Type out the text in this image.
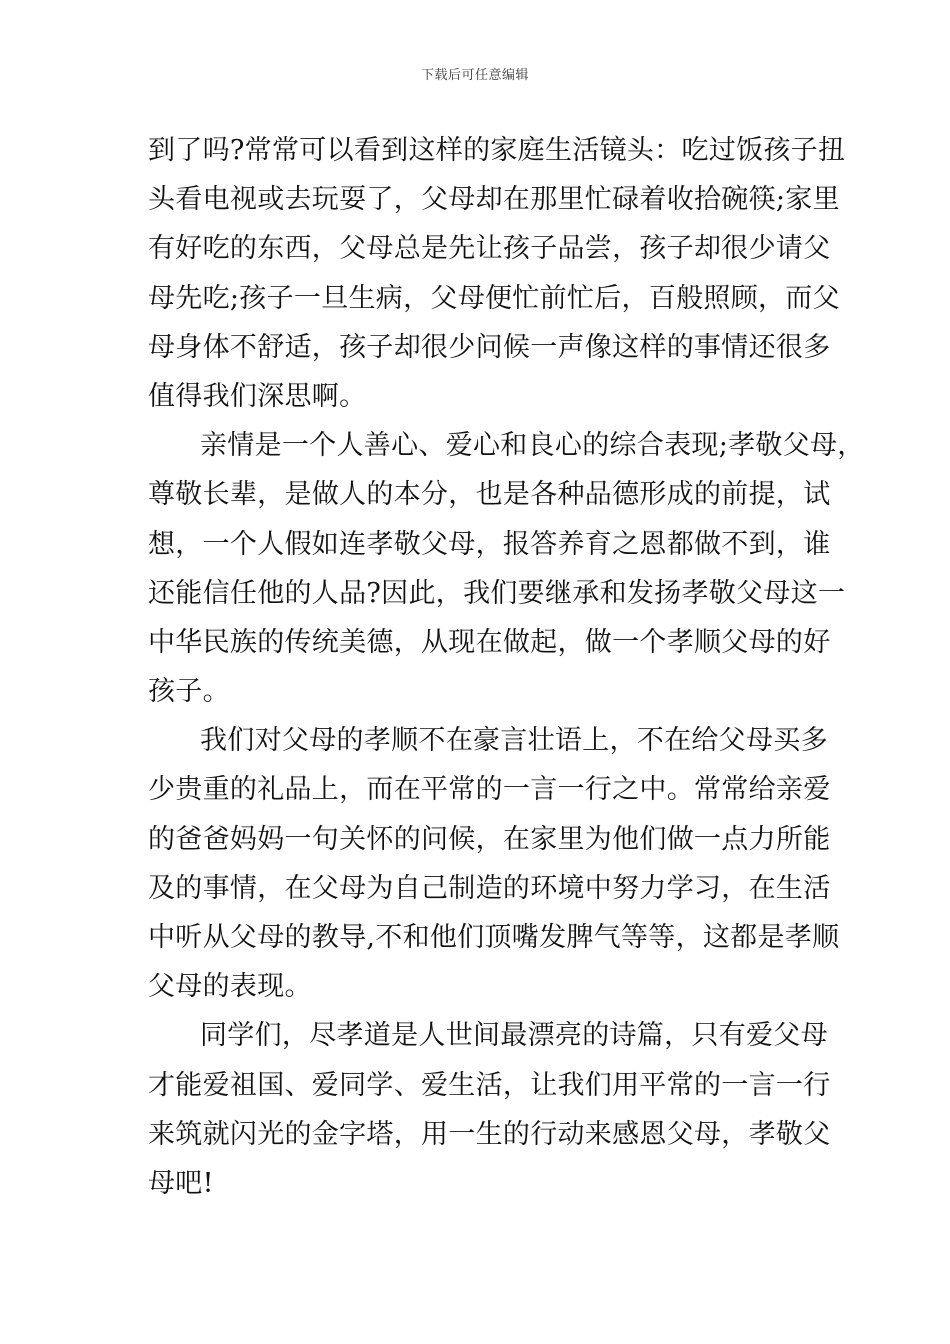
下载后可任意编辑
到了吗?常常可以看到这样的家庭生活镜头：吃过饭孩子扭
头看电视或去玩耍了，父母却在那里忙碌着收拾碗筷;家里
有好吃的东西，父母总是先让孩子品尝，孩子却很少请父
母先吃;孩子一旦生病，父母便忙前忙后，百般照顾，而父
母身体不舒适，孩子却很少问候一声像这样的事情还很多
值得我们深思啊。
亲情是一个人善心、爱心和良心的综合表现;孝敬父母，
尊敬长辈，是做人的本分，也是各种品德形成的前提，试
想，一个人假如连孝敬父母，报答养育之恩都做不到，谁
还能信任他的人品?因此，我们要继承和发扬孝敬父母这一
中华民族的传统美德，从现在做起，做一个孝顺父母的好
孩子。
我们对父母的孝顺不在豪言壮语上，不在给父母买多
少贵重的礼品上，而在平常的一言一行之中。常常给亲爱
的爸爸妈妈一句关怀的问候，在家里为他们做一点力所能
及的事情，在父母为自己制造的环境中努力学习，在生活
中听从父母的教导,不和他们顶嘴发脾气等等，这都是孝顺
父母的表现。
同学们，尽孝道是人世间最漂亮的诗篇，只有爱父母
才能爱祖国、爱同学、爱生活，让我们用平常的一言一行
来筑就闪光的金字塔，用一生的行动来感恩父母，孝敬父
母吧!
